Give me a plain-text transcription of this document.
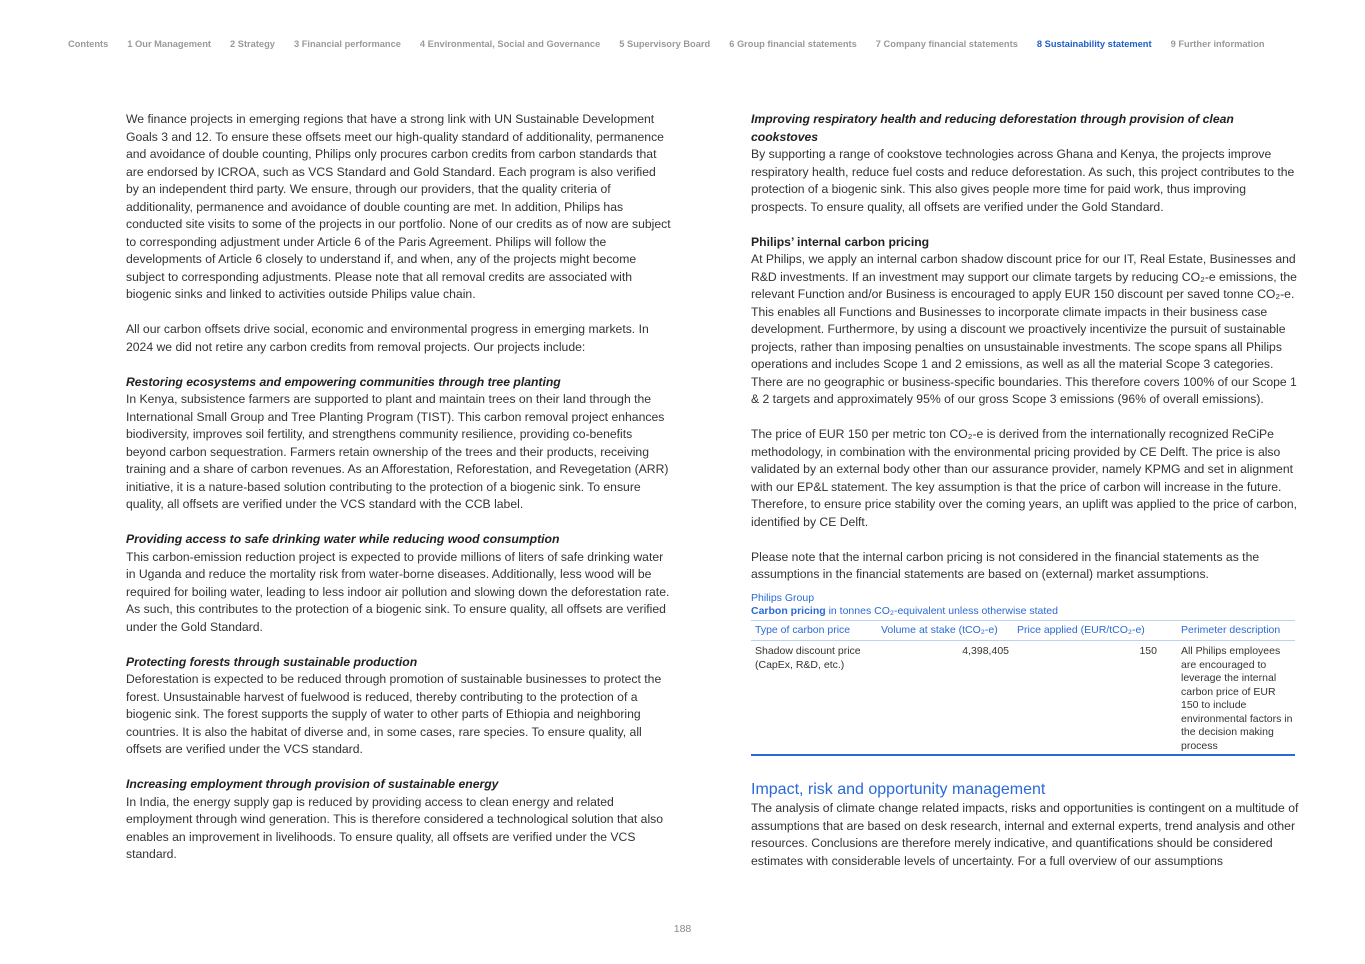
Contents 1 Our Management 2 Strategy 3 Financial performance 4 Environmental, Social and Governance 5 Supervisory Board 6 Group financial statements 7 Company financial statements 8 Sustainability statement 9 Further information

We finance projects in emerging regions that have a strong link with UN Sustainable Development Goals 3 and 12. To ensure these offsets meet our high-quality standard of additionality, permanence and avoidance of double counting, Philips only procures carbon credits from carbon standards that are endorsed by ICROA, such as VCS Standard and Gold Standard. Each program is also verified by an independent third party. We ensure, through our providers, that the quality criteria of additionality, permanence and avoidance of double counting are met. In addition, Philips has conducted site visits to some of the projects in our portfolio. None of our credits as of now are subject to corresponding adjustment under Article 6 of the Paris Agreement. Philips will follow the developments of Article 6 closely to understand if, and when, any of the projects might become subject to corresponding adjustments. Please note that all removal credits are associated with biogenic sinks and linked to activities outside Philips value chain.

All our carbon offsets drive social, economic and environmental progress in emerging markets. In 2024 we did not retire any carbon credits from removal projects. Our projects include:

Restoring ecosystems and empowering communities through tree planting

In Kenya, subsistence farmers are supported to plant and maintain trees on their land through the International Small Group and Tree Planting Program (TIST). This carbon removal project enhances biodiversity, improves soil fertility, and strengthens community resilience, providing co-benefits beyond carbon sequestration. Farmers retain ownership of the trees and their products, receiving training and a share of carbon revenues. As an Afforestation, Reforestation, and Revegetation (ARR) initiative, it is a nature-based solution contributing to the protection of a biogenic sink. To ensure quality, all offsets are verified under the VCS standard with the CCB label.

Providing access to safe drinking water while reducing wood consumption

This carbon-emission reduction project is expected to provide millions of liters of safe drinking water in Uganda and reduce the mortality risk from water-borne diseases. Additionally, less wood will be required for boiling water, leading to less indoor air pollution and slowing down the deforestation rate. As such, this contributes to the protection of a biogenic sink. To ensure quality, all offsets are verified under the Gold Standard.

Protecting forests through sustainable production

Deforestation is expected to be reduced through promotion of sustainable businesses to protect the forest. Unsustainable harvest of fuelwood is reduced, thereby contributing to the protection of a biogenic sink. The forest supports the supply of water to other parts of Ethiopia and neighboring countries. It is also the habitat of diverse and, in some cases, rare species. To ensure quality, all offsets are verified under the VCS standard.

Increasing employment through provision of sustainable energy

In India, the energy supply gap is reduced by providing access to clean energy and related employment through wind generation. This is therefore considered a technological solution that also enables an improvement in livelihoods. To ensure quality, all offsets are verified under the VCS standard.

Improving respiratory health and reducing deforestation through provision of clean cookstoves

By supporting a range of cookstove technologies across Ghana and Kenya, the projects improve respiratory health, reduce fuel costs and reduce deforestation. As such, this project contributes to the protection of a biogenic sink. This also gives people more time for paid work, thus improving prospects. To ensure quality, all offsets are verified under the Gold Standard.

Philips’ internal carbon pricing

At Philips, we apply an internal carbon shadow discount price for our IT, Real Estate, Businesses and R&D investments. If an investment may support our climate targets by reducing CO₂-e emissions, the relevant Function and/or Business is encouraged to apply EUR 150 discount per saved tonne CO₂-e. This enables all Functions and Businesses to incorporate climate impacts in their business case development. Furthermore, by using a discount we proactively incentivize the pursuit of sustainable projects, rather than imposing penalties on unsustainable investments. The scope spans all Philips operations and includes Scope 1 and 2 emissions, as well as all the material Scope 3 categories. There are no geographic or business-specific boundaries. This therefore covers 100% of our Scope 1 & 2 targets and approximately 95% of our gross Scope 3 emissions (96% of overall emissions).

The price of EUR 150 per metric ton CO₂-e is derived from the internationally recognized ReCiPe methodology, in combination with the environmental pricing provided by CE Delft. The price is also validated by an external body other than our assurance provider, namely KPMG and set in alignment with our EP&L statement. The key assumption is that the price of carbon will increase in the future. Therefore, to ensure price stability over the coming years, an uplift was applied to the price of carbon, identified by CE Delft.

Please note that the internal carbon pricing is not considered in the financial statements as the assumptions in the financial statements are based on (external) market assumptions.

Philips Group
Carbon pricing in tonnes CO₂-equivalent unless otherwise stated
Type of carbon price	Volume at stake (tCO₂-e)	Price applied (EUR/tCO₂-e)	Perimeter description
Shadow discount price (CapEx, R&D, etc.)	4,398,405	150	All Philips employees are encouraged to leverage the internal carbon price of EUR 150 to include environmental factors in the decision making process
Impact, risk and opportunity management

The analysis of climate change related impacts, risks and opportunities is contingent on a multitude of assumptions that are based on desk research, internal and external experts, trend analysis and other resources. Conclusions are therefore merely indicative, and quantifications should be considered estimates with considerable levels of uncertainty. For a full overview of our assumptions

188
